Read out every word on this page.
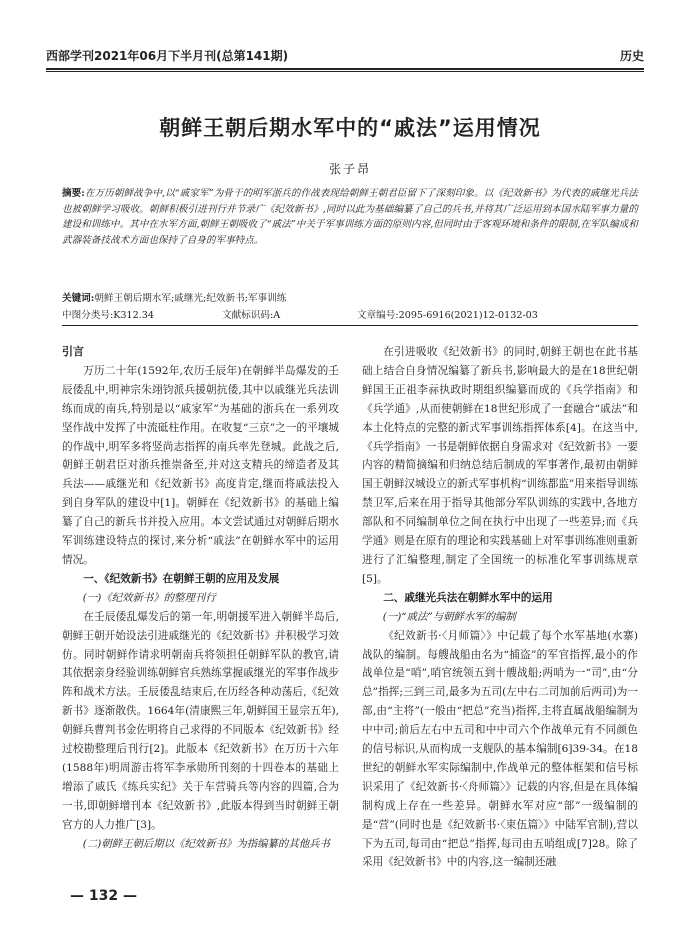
西部学刊2021年06月下半月刊(总第141期)	历史
朝鲜王朝后期水军中的“戚法”运用情况
张子昂
摘要:在万历朝鲜战争中,以“戚家军”为骨干的明军浙兵的作战表现给朝鲜王朝君臣留下了深刻印象。以《纪效新书》为代表的戚继光兵法也被朝鲜学习吸收。朝鲜积极引进刊行并节录广《纪效新书》,同时以此为基础编纂了自己的兵书,并将其广泛运用到本国水陆军事力量的建设和训练中。其中在水军方面,朝鲜王朝吸收了“戚法”中关于军事训练方面的原则内容,但同时由于客观环境和条件的限制,在军队编成和武器装备技战术方面也保持了自身的军事特点。
关键词:朝鲜王朝后期水军;戚继光;纪效新书;军事训练
中图分类号:K312.34	文献标识码:A	文章编号:2095-6916(2021)12-0132-03

引言

万历二十年(1592年,农历壬辰年)在朝鲜半岛爆发的壬辰倭乱中,明神宗朱翊钧派兵援朝抗倭,其中以戚继光兵法训练而成的南兵,特别是以“戚家军”为基础的浙兵在一系列攻坚作战中发挥了中流砥柱作用。在收复“三京”之一的平壤城的作战中,明军多将竖尚志指挥的南兵率先登城。此战之后,朝鲜王朝君臣对浙兵推崇备至,并对这支精兵的缔造者及其兵法——戚继光和《纪效新书》高度肯定,继而将戚法投入到自身军队的建设中[1]。朝鲜在《纪效新书》的基础上编纂了自己的新兵书并投入应用。本文尝试通过对朝鲜后期水军训练建设特点的探讨,来分析“戚法”在朝鲜水军中的运用情况。

一、《纪效新书》在朝鲜王朝的应用及发展

(一)《纪效新书》的整理刊行

在壬辰倭乱爆发后的第一年,明朝援军进入朝鲜半岛后,朝鲜王朝开始设法引进戚继光的《纪效新书》并积极学习效仿。同时朝鲜作请求明朝南兵将领担任朝鲜军队的教官,请其依据亲身经验训练朝鲜官兵熟练掌握戚继光的军事作战步阵和战术方法。壬辰倭乱结束后,在历经各种动荡后,《纪效新书》逐渐散佚。1664年(清康熙三年,朝鲜国王显宗五年),朝鲜兵曹判书金佐明将自己求得的不同版本《纪效新书》经过校勘整理后刊行[2]。此版本《纪效新书》在万历十六年(1588年)明周游击将军李承勋所刊刻的十四卷本的基础上增添了戚氏《练兵实纪》关于车营骑兵等内容的四篇,合为一书,即朝鲜增刊本《纪效新书》,此版本得到当时朝鲜王朝官方的人力推广[3]。

(二)朝鲜王朝后期以《纪效新书》为指编纂的其他兵书

在引进吸收《纪效新书》的同时,朝鲜王朝也在此书基础上结合自身情况编纂了新兵书,影响最大的是在18世纪朝鲜国王正祖李祘执政时期组织编纂而成的《兵学指南》和《兵学通》,从而使朝鲜在18世纪形成了一套融合“戚法”和本土化特点的完整的新式军事训练指挥体系[4]。在这当中,《兵学指南》一书是朝鲜依据自身需求对《纪效新书》一要内容的精简摘编和归纳总结后制成的军事著作,最初由朝鲜国王朝鲜汉城设立的新式军事机构“训练都监”用来指导训练禁卫军,后来在用于指导其他部分军队训练的实践中,各地方部队和不同编制单位之间在执行中出现了一些差异;而《兵学通》则是在原有的理论和实践基础上对军事训练准则重新进行了汇编整理,制定了全国统一的标准化军事训练规章[5]。

二、戚继光兵法在朝鲜水军中的运用

(一)“戚法”与朝鲜水军的编制

《纪效新书·〈月师篇〉》中记载了每个水军基地(水寨)战队的编制。每艘战船由名为“捕盗”的军官指挥,最小的作战单位是“哨”,哨官统领五到十艘战船;两哨为一“司”,由“分总”指挥;三到三司,最多为五司(左中右二司加前后两司)为一部,由“主将”(一般由“把总”充当)指挥,主将直属战船编制为中中司;前后左右中五司和中中司六个作战单元有不同颜色的信号标识,从而构成一支舰队的基本编制[6]39-34。在18世纪的朝鲜水军实际编制中,作战单元的整体框架和信号标识采用了《纪效新书·〈舟师篇〉》记载的内容,但是在具体编制构成上存在一些差异。朝鲜水军对应“部”一级编制的是“营”(同时也是《纪效新书·〈束伍篇〉》中陆军官制),营以下为五司,每司由“把总”指挥,每司由五哨组成[7]28。除了采用《纪效新书》中的内容,这一编制还融

— 132 —
